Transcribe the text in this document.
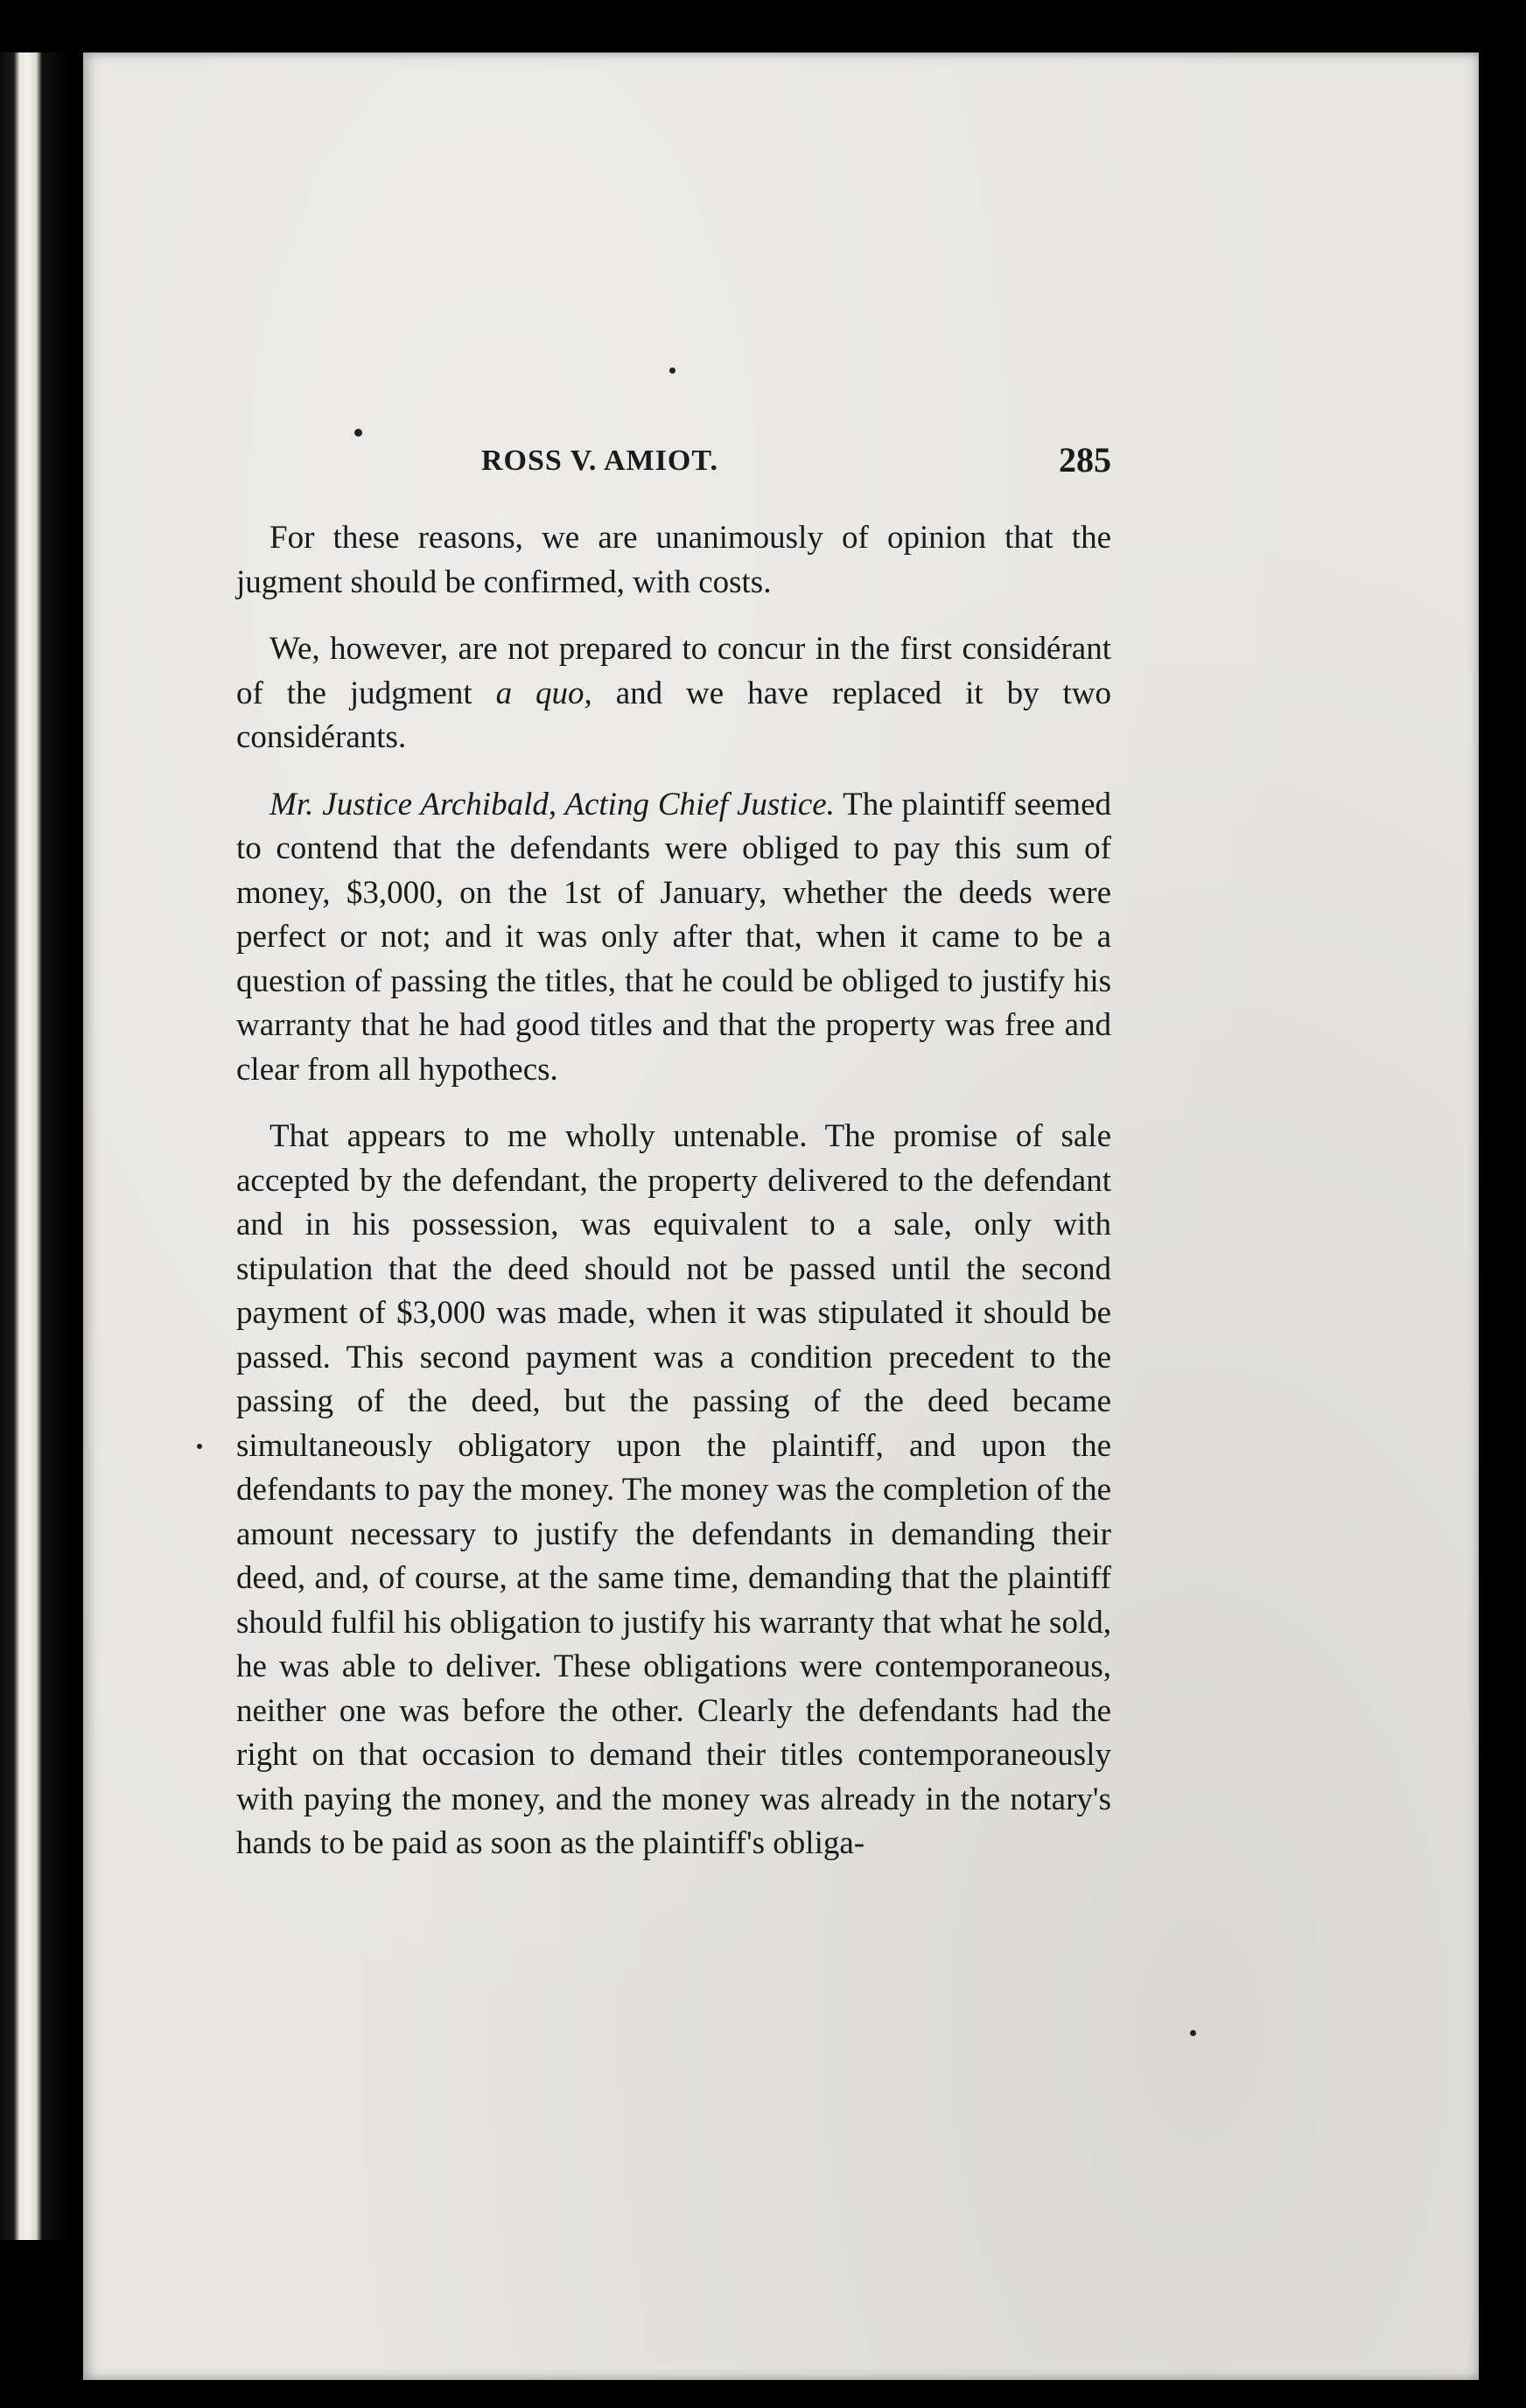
ROSS V. AMIOT.	285

For these reasons, we are unanimously of opinion that the jugment should be confirmed, with costs.

We, however, are not prepared to concur in the first considérant of the judgment a quo, and we have replaced it by two considérants.

Mr. Justice Archibald, Acting Chief Justice. The plaintiff seemed to contend that the defendants were obliged to pay this sum of money, $3,000, on the 1st of January, whether the deeds were perfect or not; and it was only after that, when it came to be a question of passing the titles, that he could be obliged to justify his warranty that he had good titles and that the property was free and clear from all hypothecs.

That appears to me wholly untenable. The promise of sale accepted by the defendant, the property delivered to the defendant and in his possession, was equivalent to a sale, only with stipulation that the deed should not be passed until the second payment of $3,000 was made, when it was stipulated it should be passed. This second payment was a condition precedent to the passing of the deed, but the passing of the deed became simultaneously obligatory upon the plaintiff, and upon the defendants to pay the money. The money was the completion of the amount necessary to justify the defendants in demanding their deed, and, of course, at the same time, demanding that the plaintiff should fulfil his obligation to justify his warranty that what he sold, he was able to deliver. These obligations were contemporaneous, neither one was before the other. Clearly the defendants had the right on that occasion to demand their titles contemporaneously with paying the money, and the money was already in the notary's hands to be paid as soon as the plaintiff's obliga-
